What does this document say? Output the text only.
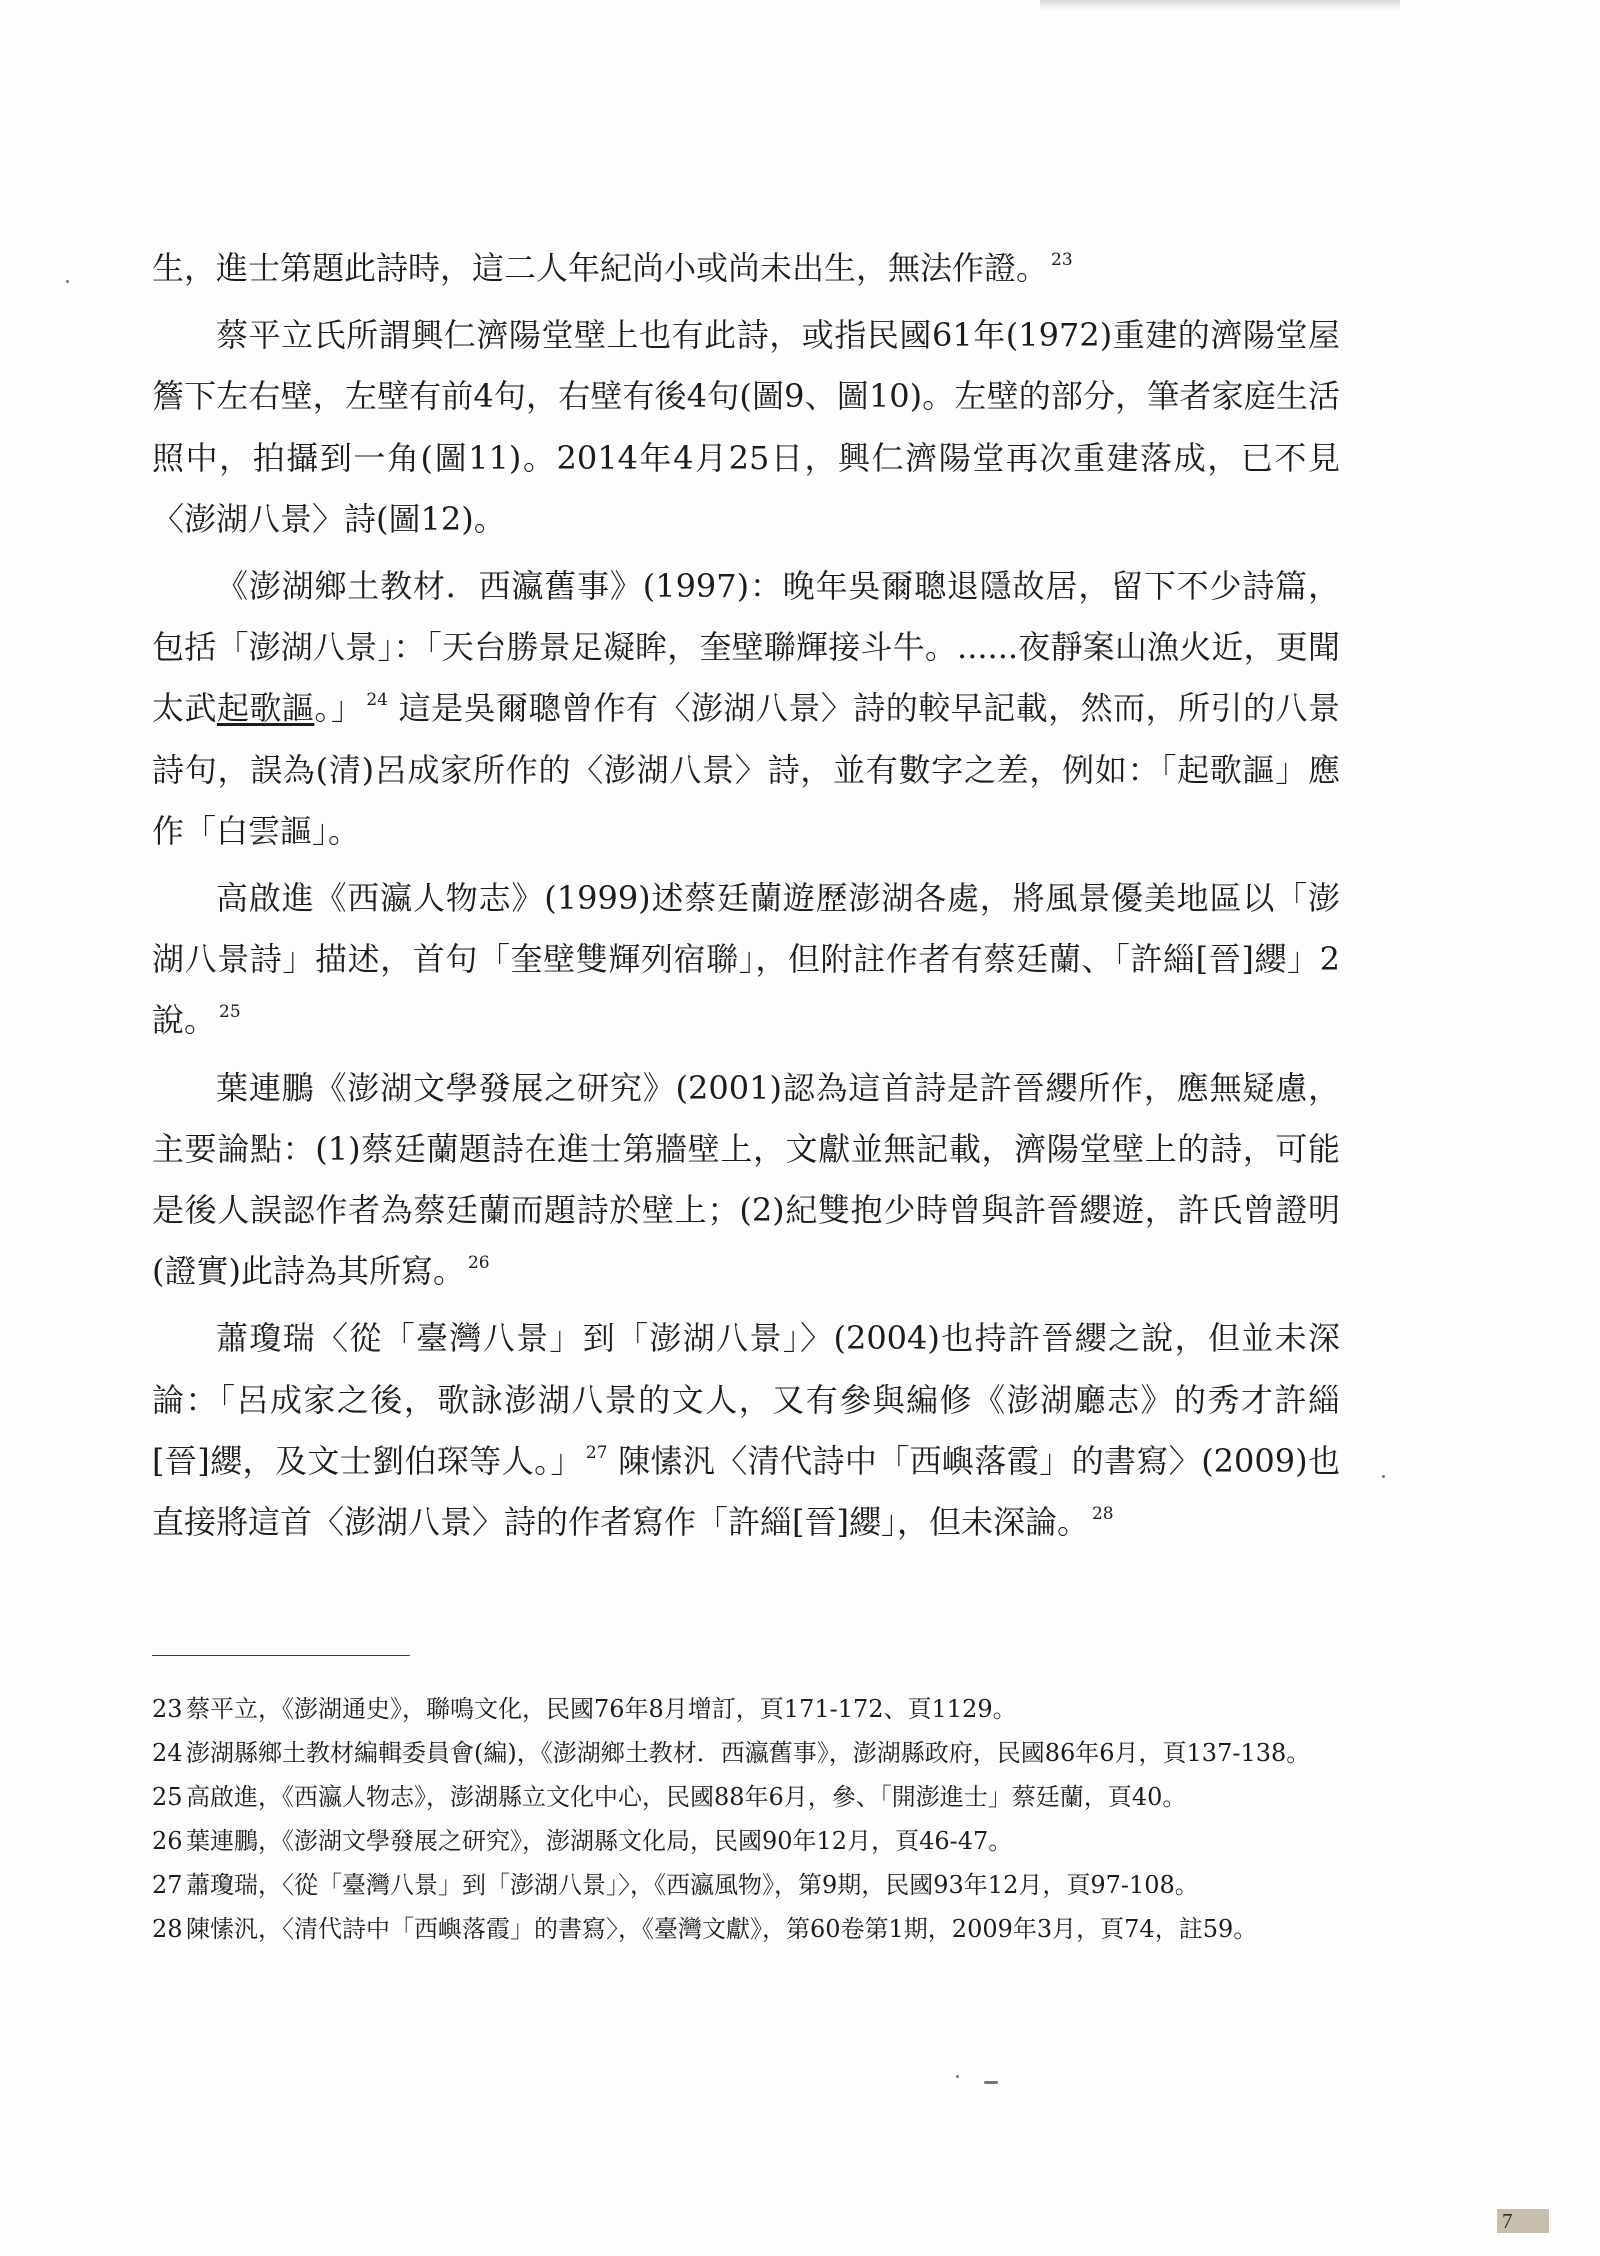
生，進士第題此詩時，這二人年紀尚小或尚未出生，無法作證。 $^{23}$

蔡平立氏所謂興仁濟陽堂壁上也有此詩，或指民國61年(1972)重建的濟陽堂屋簷下左右壁，左壁有前4句，右壁有後4句(圖9、圖10)。左壁的部分，筆者家庭生活照中，拍攝到一角(圖11)。2014年4月25日，興仁濟陽堂再次重建落成，已不見〈澎湖八景〉詩(圖12)。

《澎湖鄉土教材．西瀛舊事》(1997)：晚年吳爾聰退隱故居，留下不少詩篇，包括「澎湖八景」：「天台勝景足凝眸，奎壁聯輝接斗牛。......夜靜案山漁火近，更聞太武起歌謳。」 $^{24}$ 這是吳爾聰曾作有〈澎湖八景〉詩的較早記載，然而，所引的八景詩句，誤為(清)呂成家所作的〈澎湖八景〉詩，並有數字之差，例如：「起歌謳」應作「白雲謳」。

高啟進《西瀛人物志》(1999)述蔡廷蘭遊歷澎湖各處，將風景優美地區以「澎湖八景詩」描述，首句「奎壁雙輝列宿聯」，但附註作者有蔡廷蘭、「許緇[晉]纓」2說。 $^{25}$

葉連鵬《澎湖文學發展之研究》(2001)認為這首詩是許晉纓所作，應無疑慮，主要論點：(1)蔡廷蘭題詩在進士第牆壁上，文獻並無記載，濟陽堂壁上的詩，可能是後人誤認作者為蔡廷蘭而題詩於壁上；(2)紀雙抱少時曾與許晉纓遊，許氏曾證明(證實)此詩為其所寫。 $^{26}$

蕭瓊瑞〈從「臺灣八景」到「澎湖八景」〉(2004)也持許晉纓之說，但並未深論：「呂成家之後，歌詠澎湖八景的文人，又有參與編修《澎湖廳志》的秀才許緇[晉]纓，及文士劉伯琛等人。」 $^{27}$ 陳愫汎〈清代詩中「西嶼落霞」的書寫〉(2009)也直接將這首〈澎湖八景〉詩的作者寫作「許緇[晉]纓」，但未深論。 $^{28}$

23 蔡平立，《澎湖通史》，聯鳴文化，民國76年8月增訂，頁171-172、頁1129。
24 澎湖縣鄉土教材編輯委員會(編)，《澎湖鄉土教材．西瀛舊事》，澎湖縣政府，民國86年6月，頁137-138。
25 高啟進，《西瀛人物志》，澎湖縣立文化中心，民國88年6月，參、「開澎進士」蔡廷蘭，頁40。
26 葉連鵬，《澎湖文學發展之研究》，澎湖縣文化局，民國90年12月，頁46-47。
27 蕭瓊瑞，〈從「臺灣八景」到「澎湖八景」〉，《西瀛風物》，第9期，民國93年12月，頁97-108。
28 陳愫汎，〈清代詩中「西嶼落霞」的書寫〉，《臺灣文獻》，第60卷第1期，2009年3月，頁74，註59。
7
